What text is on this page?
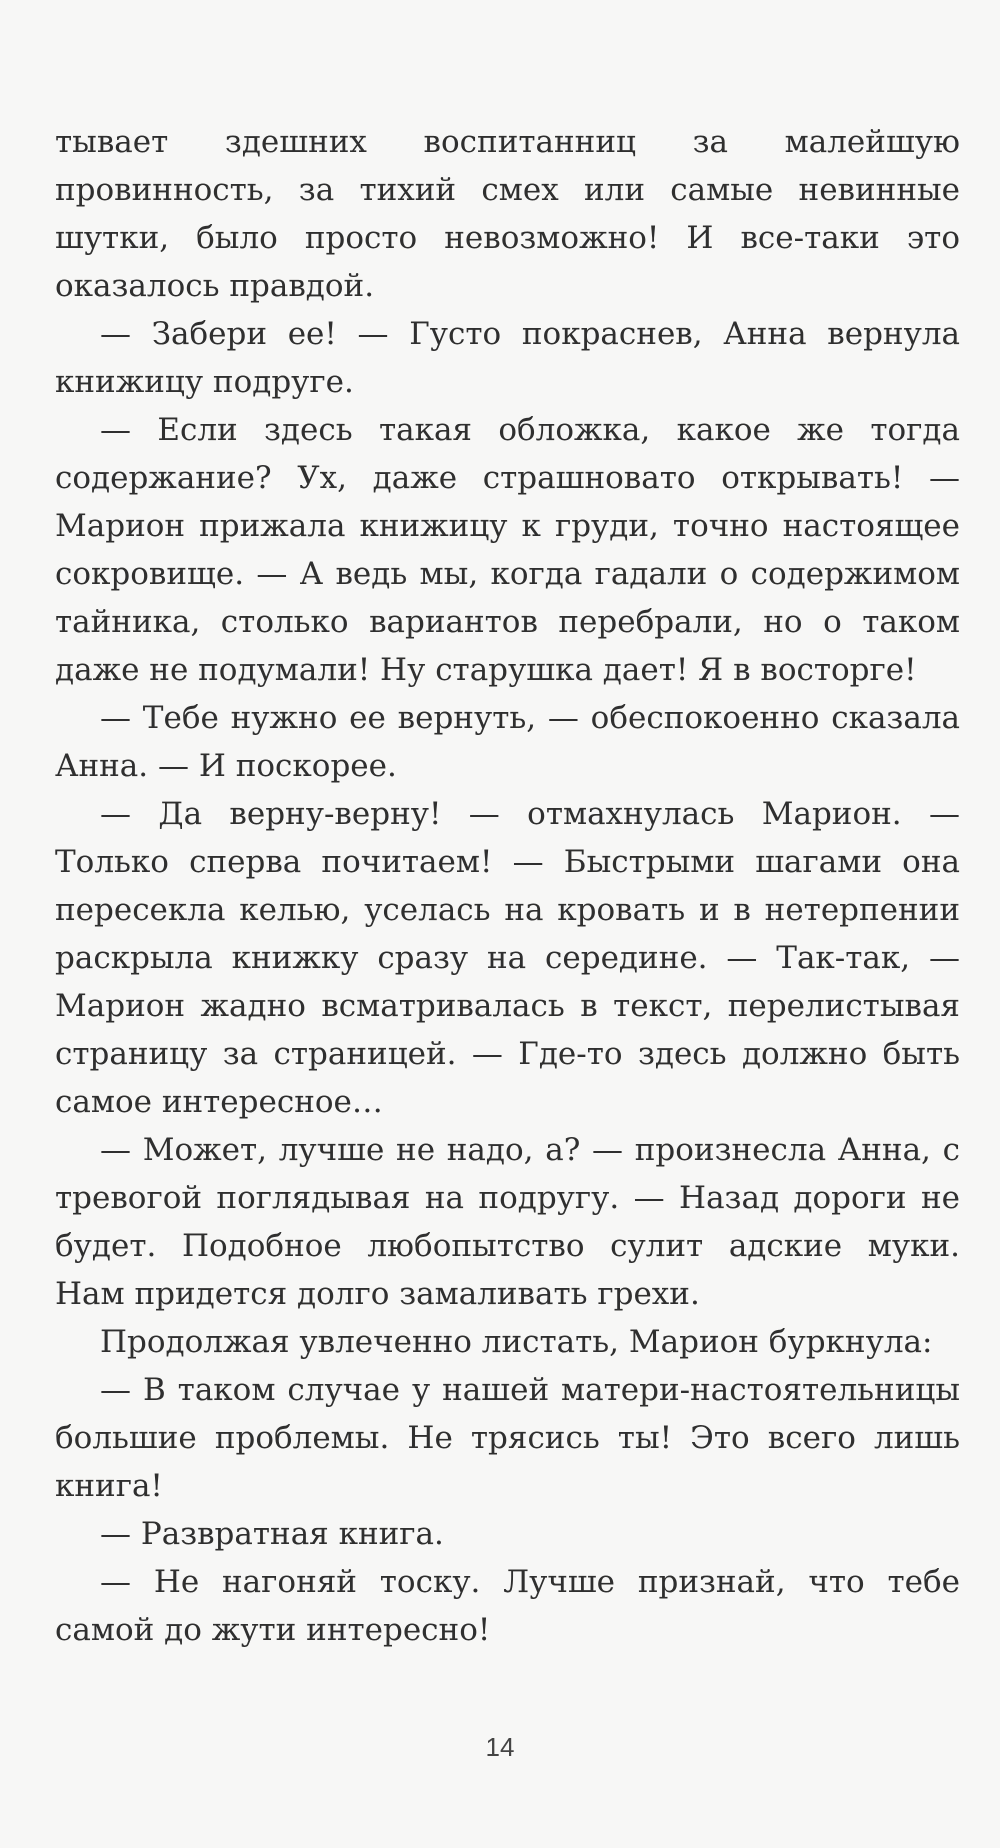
тывает здешних воспитанниц за малейшую провинность, за тихий смех или самые невинные шутки, было просто невозможно! И все-таки это оказалось правдой.

— Забери ее! — Густо покраснев, Анна вернула книжицу подруге.

— Если здесь такая обложка, какое же тогда содержание? Ух, даже страшновато открывать! — Марион прижала книжицу к груди, точно настоящее сокровище. — А ведь мы, когда гадали о содержимом тайника, столько вариантов перебрали, но о таком даже не подумали! Ну старушка дает! Я в восторге!

— Тебе нужно ее вернуть, — обеспокоенно сказала Анна. — И поскорее.

— Да верну-верну! — отмахнулась Марион. — Только сперва почитаем! — Быстрыми шагами она пересекла келью, уселась на кровать и в нетерпении раскрыла книжку сразу на середине. — Так-так, — Марион жадно всматривалась в текст, перелистывая страницу за страницей. — Где-то здесь должно быть самое интересное…

— Может, лучше не надо, а? — произнесла Анна, с тревогой поглядывая на подругу. — Назад дороги не будет. Подобное любопытство сулит адские муки. Нам придется долго замаливать грехи.

Продолжая увлеченно листать, Марион буркнула:

— В таком случае у нашей матери-настоятельницы большие проблемы. Не трясись ты! Это всего лишь книга!

— Развратная книга.

— Не нагоняй тоску. Лучше признай, что тебе самой до жути интересно!

14
